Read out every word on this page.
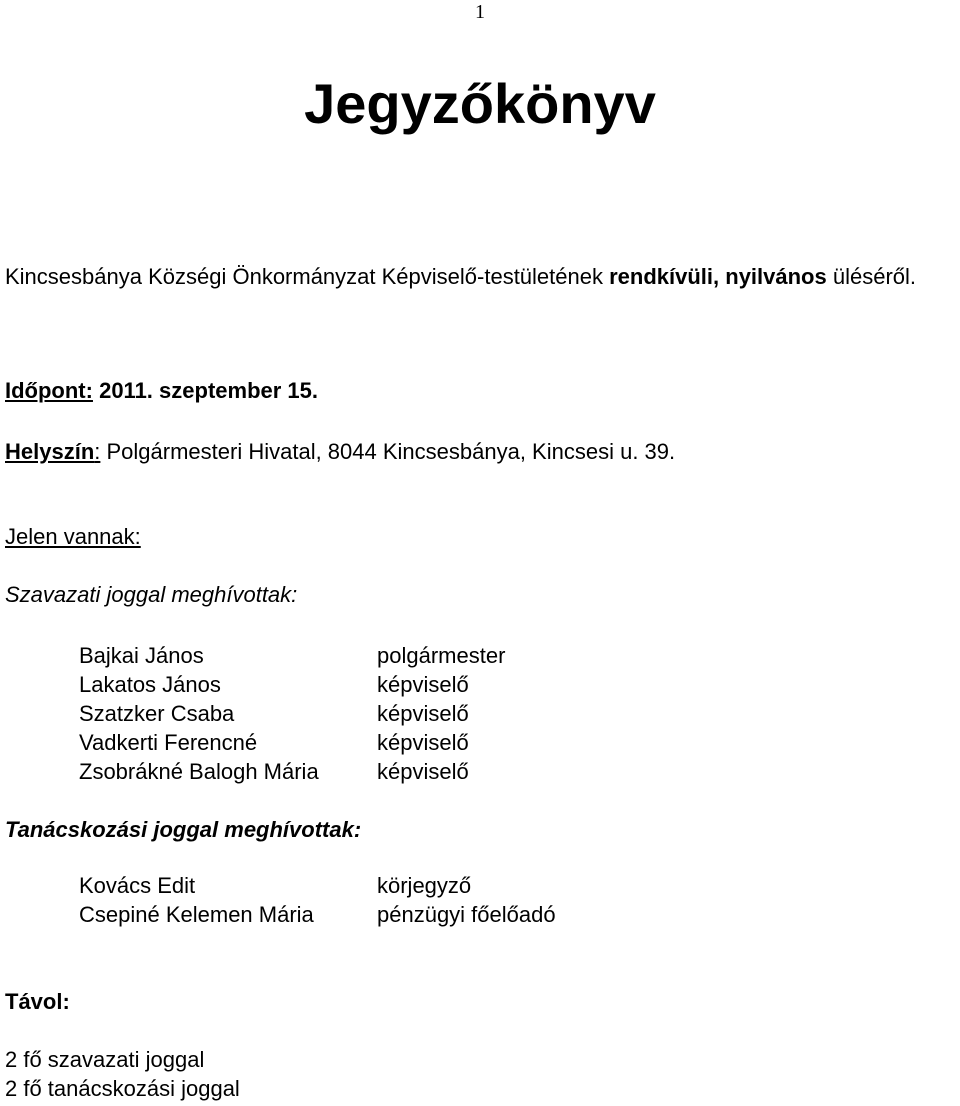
1
Jegyzőkönyv
Kincsesbánya Községi Önkormányzat Képviselő-testületének rendkívüli, nyilvános üléséről.
Időpont: 2011. szeptember 15.
Helyszín: Polgármesteri Hivatal, 8044 Kincsesbánya, Kincsesi u. 39.
Jelen vannak:
Szavazati joggal meghívottak:
Bajkai János	polgármester
Lakatos János	képviselő
Szatzker Csaba	képviselő
Vadkerti Ferencné	képviselő
Zsobrákné Balogh Mária	képviselő
Tanácskozási joggal meghívottak:
Kovács Edit	körjegyző
Csepiné Kelemen Mária	pénzügyi főelőadó
Távol:
2 fő szavazati joggal
2 fő tanácskozási joggal
